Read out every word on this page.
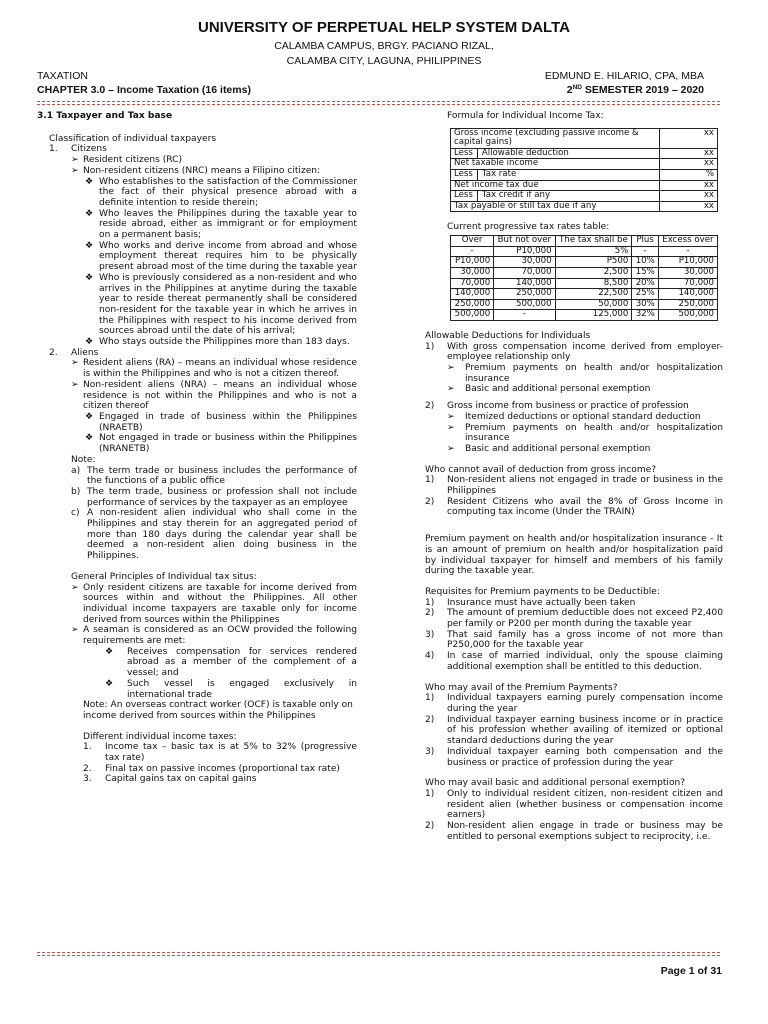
UNIVERSITY OF PERPETUAL HELP SYSTEM DALTA
CALAMBA CAMPUS, BRGY. PACIANO RIZAL,
CALAMBA CITY, LAGUNA, PHILIPPINES
TAXATION
CHAPTER 3.0 – Income Taxation (16 items)
EDMUND E. HILARIO, CPA, MBA
2ND SEMESTER 2019 – 2020
3.1 Taxpayer and Tax base
Classification of individual taxpayers
1.	Citizens
➢ Resident citizens (RC)
➢ Non-resident citizens (NRC) means a Filipino citizen:
❖ Who establishes to the satisfaction of the Commissioner the fact of their physical presence abroad with a definite intention to reside therein;
❖ Who leaves the Philippines during the taxable year to reside abroad, either as immigrant or for employment on a permanent basis;
❖ Who works and derive income from abroad and whose employment thereat requires him to be physically present abroad most of the time during the taxable year
❖ Who is previously considered as a non-resident and who arrives in the Philippines at anytime during the taxable year to reside thereat permanently shall be considered non-resident for the taxable year in which he arrives in the Philippines with respect to his income derived from sources abroad until the date of his arrival;
❖ Who stays outside the Philippines more than 183 days.
2.	Aliens
➢ Resident aliens (RA) – means an individual whose residence is within the Philippines and who is not a citizen thereof.
➢ Non-resident aliens (NRA) – means an individual whose residence is not within the Philippines and who is not a citizen thereof
❖ Engaged in trade of business within the Philippines (NRAETB)
❖ Not engaged in trade or business within the Philippines (NRANETB)
Note:
a) The term trade or business includes the performance of the functions of a public office
b) The term trade, business or profession shall not include performance of services by the taxpayer as an employee
c) A non-resident alien individual who shall come in the Philippines and stay therein for an aggregated period of more than 180 days during the calendar year shall be deemed a non-resident alien doing business in the Philippines.
General Principles of Individual tax situs:
➢ Only resident citizens are taxable for income derived from sources within and without the Philippines. All other individual income taxpayers are taxable only for income derived from sources within the Philippines
➢ A seaman is considered as an OCW provided the following requirements are met:
❖	Receives compensation for services rendered abroad as a member of the complement of a vessel; and
❖	Such vessel is engaged exclusively in international trade
Note: An overseas contract worker (OCF) is taxable only on income derived from sources within the Philippines
Different individual income taxes:
1.	Income tax – basic tax is at 5% to 32% (progressive tax rate)
2.	Final tax on passive incomes (proportional tax rate)
3.	Capital gains tax on capital gains
Formula for Individual Income Tax:
Gross income (excluding passive income & capital gains)	xx
Less Allowable deduction	xx
Net taxable income	xx
Less Tax rate	%
Net income tax due	xx
Less Tax credit if any	xx
Tax payable or still tax due if any	xx
Current progressive tax rates table:
Over	But not over	The tax shall be	Plus	Excess over
-	P10,000	5%	-	-
P10,000	30,000	P500	10%	P10,000
30,000	70,000	2,500	15%	30,000
70,000	140,000	8,500	20%	70,000
140,000	250,000	22,500	25%	140,000
250,000	500,000	50,000	30%	250,000
500,000	-	125,000	32%	500,000
Allowable Deductions for Individuals
1)	With gross compensation income derived from employer-employee relationship only
➢	Premium payments on health and/or hospitalization insurance
➢	Basic and additional personal exemption
2)	Gross income from business or practice of profession
➢	Itemized deductions or optional standard deduction
➢	Premium payments on health and/or hospitalization insurance
➢	Basic and additional personal exemption
Who cannot avail of deduction from gross income?
1)	Non-resident aliens not engaged in trade or business in the Philippines
2)	Resident Citizens who avail the 8% of Gross Income in computing tax income (Under the TRAIN)

Premium payment on health and/or hospitalization insurance - It is an amount of premium on health and/or hospitalization paid by individual taxpayer for himself and members of his family during the taxable year.

Requisites for Premium payments to be Deductible:
1)	Insurance must have actually been taken
2)	The amount of premium deductible does not exceed P2,400 per family or P200 per month during the taxable year
3)	That said family has a gross income of not more than P250,000 for the taxable year
4)	In case of married individual, only the spouse claiming additional exemption shall be entitled to this deduction.
Who may avail of the Premium Payments?
1)	Individual taxpayers earning purely compensation income during the year
2)	Individual taxpayer earning business income or in practice of his profession whether availing of itemized or optional standard deductions during the year
3)	Individual taxpayer earning both compensation and the business or practice of profession during the year
Who may avail basic and additional personal exemption?
1)	Only to individual resident citizen, non-resident citizen and resident alien (whether business or compensation income earners)
2)	Non-resident alien engage in trade or business may be entitled to personal exemptions subject to reciprocity, i.e.
Page 1 of 31
